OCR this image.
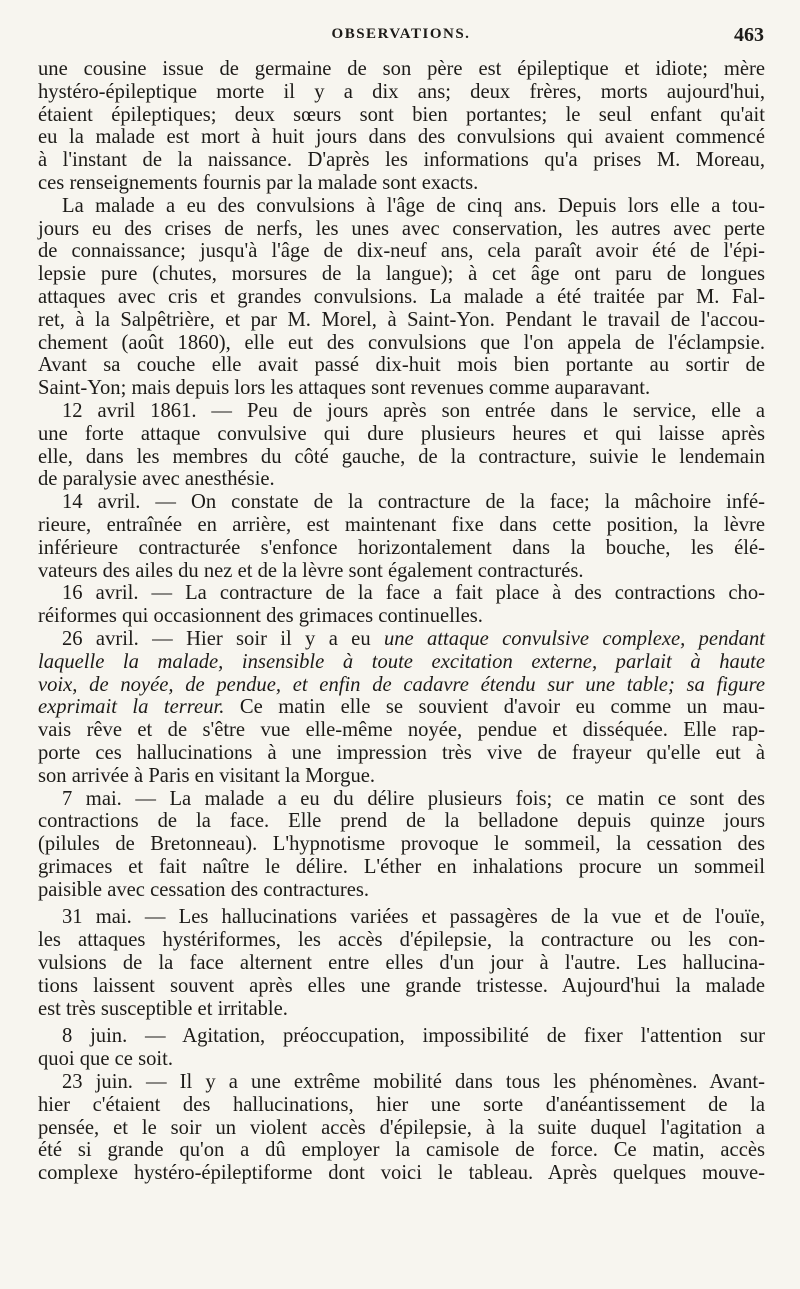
OBSERVATIONS.	463
une cousine issue de germaine de son père est épileptique et idiote; mère
hystéro-épileptique morte il y a dix ans; deux frères, morts aujourd'hui,
étaient épileptiques; deux sœurs sont bien portantes; le seul enfant qu'ait
eu la malade est mort à huit jours dans des convulsions qui avaient commencé
à l'instant de la naissance. D'après les informations qu'a prises M. Moreau,
ces renseignements fournis par la malade sont exacts.
La malade a eu des convulsions à l'âge de cinq ans. Depuis lors elle a tou-
jours eu des crises de nerfs, les unes avec conservation, les autres avec perte
de connaissance; jusqu'à l'âge de dix-neuf ans, cela paraît avoir été de l'épi-
lepsie pure (chutes, morsures de la langue); à cet âge ont paru de longues
attaques avec cris et grandes convulsions. La malade a été traitée par M. Fal-
ret, à la Salpêtrière, et par M. Morel, à Saint-Yon. Pendant le travail de l'accou-
chement (août 1860), elle eut des convulsions que l'on appela de l'éclampsie.
Avant sa couche elle avait passé dix-huit mois bien portante au sortir de
Saint-Yon; mais depuis lors les attaques sont revenues comme auparavant.
12 avril 1861. — Peu de jours après son entrée dans le service, elle a
une forte attaque convulsive qui dure plusieurs heures et qui laisse après
elle, dans les membres du côté gauche, de la contracture, suivie le lendemain
de paralysie avec anesthésie.
14 avril. — On constate de la contracture de la face; la mâchoire infé-
rieure, entraînée en arrière, est maintenant fixe dans cette position, la lèvre
inférieure contracturée s'enfonce horizontalement dans la bouche, les élé-
vateurs des ailes du nez et de la lèvre sont également contracturés.
16 avril. — La contracture de la face a fait place à des contractions cho-
réiformes qui occasionnent des grimaces continuelles.
26 avril. — Hier soir il y a eu une attaque convulsive complexe, pendant
laquelle la malade, insensible à toute excitation externe, parlait à haute
voix, de noyée, de pendue, et enfin de cadavre étendu sur une table; sa figure
exprimait la terreur. Ce matin elle se souvient d'avoir eu comme un mau-
vais rêve et de s'être vue elle-même noyée, pendue et disséquée. Elle rap-
porte ces hallucinations à une impression très vive de frayeur qu'elle eut à
son arrivée à Paris en visitant la Morgue.
7 mai. — La malade a eu du délire plusieurs fois; ce matin ce sont des
contractions de la face. Elle prend de la belladone depuis quinze jours
(pilules de Bretonneau). L'hypnotisme provoque le sommeil, la cessation des
grimaces et fait naître le délire. L'éther en inhalations procure un sommeil
paisible avec cessation des contractures.
31 mai. — Les hallucinations variées et passagères de la vue et de l'ouïe,
les attaques hystériformes, les accès d'épilepsie, la contracture ou les con-
vulsions de la face alternent entre elles d'un jour à l'autre. Les hallucina-
tions laissent souvent après elles une grande tristesse. Aujourd'hui la malade
est très susceptible et irritable.
8 juin. — Agitation, préoccupation, impossibilité de fixer l'attention sur
quoi que ce soit.
23 juin. — Il y a une extrême mobilité dans tous les phénomènes. Avant-
hier c'étaient des hallucinations, hier une sorte d'anéantissement de la
pensée, et le soir un violent accès d'épilepsie, à la suite duquel l'agitation a
été si grande qu'on a dû employer la camisole de force. Ce matin, accès
complexe hystéro-épileptiforme dont voici le tableau. Après quelques mouve-
